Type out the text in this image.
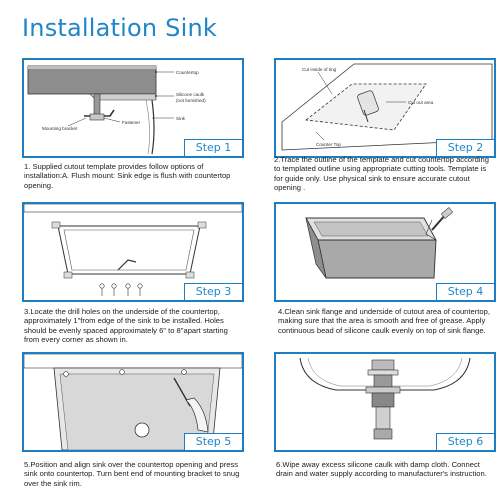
Installation Sink
Countertop
Silicone caulk
(not furnished)
Sink
Fastener
Mounting bracket
Step 1
1. Supplied cutout template provides follow options of installation:A. Flush mount: Sink edge is flush with countertop opening.
Cut inside of ting
Cut out area
Counter Top	Step 2
2.Trace the outline of the template and cut countertop according to templated outline using appropriate cutting tools. Template is for guide only. Use physical sink to ensure accurate cutout opening .
Step 3
3.Locate the drill holes on the underside of the countertop, approximately 1"from edge of the sink to be installed. Holes should be evenly spaced approximately 6" to 8"apart starting from every corner as shown in.
Step 4
4.Clean sink flange and underside of cutout area of countertop, making sure that the area is smooth and free of grease. Apply continuous bead of silicone caulk evenly on top of sink flange.
Step 5
5.Position and align sink over the countertop opening and press sink onto countertop. Turn bent end of mounting bracket to snug over the sink rim.
Step 6
6.Wipe away excess silicone caulk with damp cloth. Connect drain and water supply according to manufacturer's instruction.
